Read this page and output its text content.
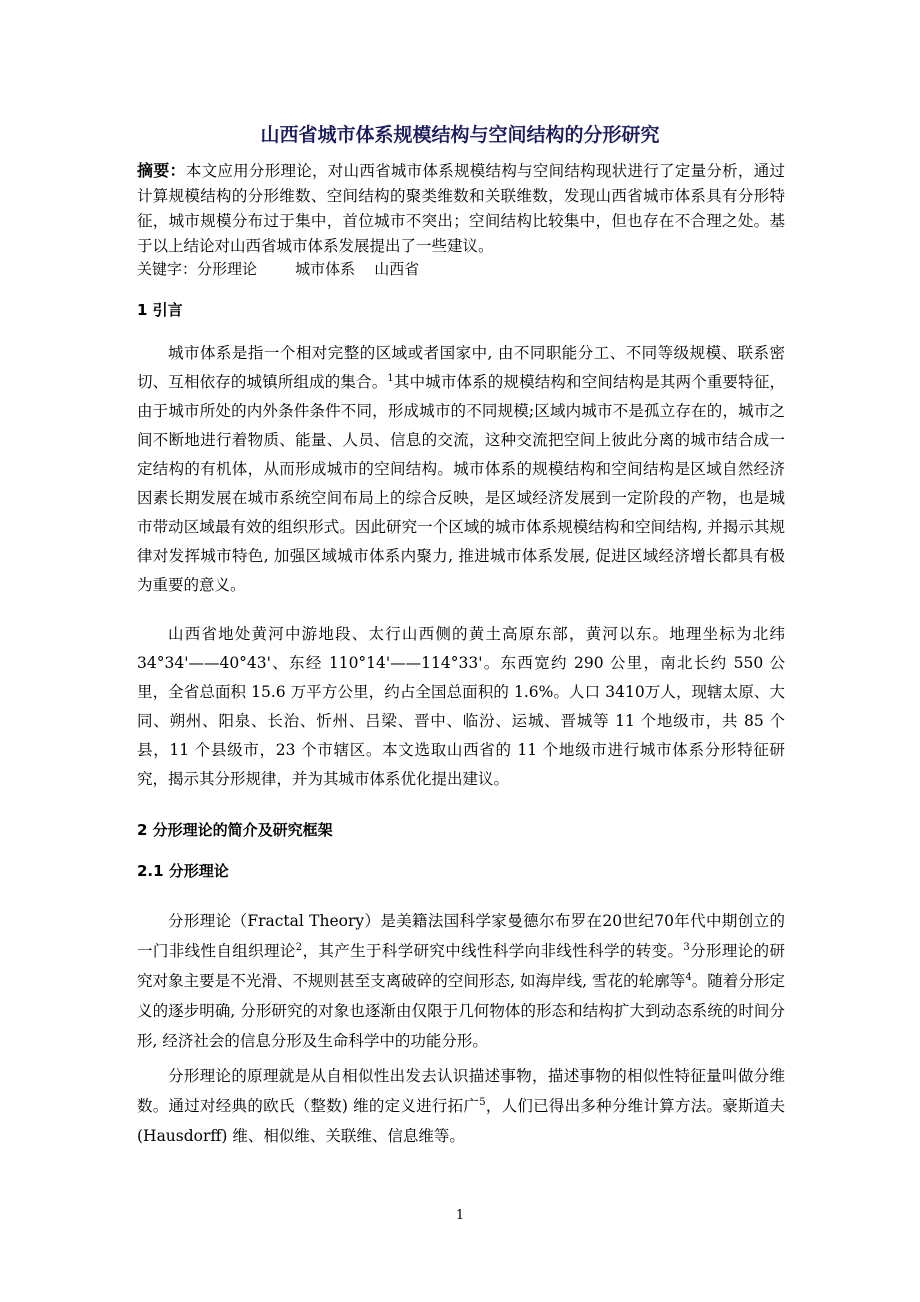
山西省城市体系规模结构与空间结构的分形研究
摘要：本文应用分形理论，对山西省城市体系规模结构与空间结构现状进行了定量分析，通过计算规模结构的分形维数、空间结构的聚类维数和关联维数，发现山西省城市体系具有分形特征，城市规模分布过于集中，首位城市不突出；空间结构比较集中，但也存在不合理之处。基于以上结论对山西省城市体系发展提出了一些建议。
关键字：分形理论        城市体系    山西省
1 引言
城市体系是指一个相对完整的区域或者国家中, 由不同职能分工、不同等级规模、联系密切、互相依存的城镇所组成的集合。$^1$其中城市体系的规模结构和空间结构是其两个重要特征，由于城市所处的内外条件条件不同，形成城市的不同规模;区域内城市不是孤立存在的，城市之间不断地进行着物质、能量、人员、信息的交流，这种交流把空间上彼此分离的城市结合成一定结构的有机体，从而形成城市的空间结构。城市体系的规模结构和空间结构是区域自然经济因素长期发展在城市系统空间布局上的综合反映，是区域经济发展到一定阶段的产物，也是城市带动区域最有效的组织形式。因此研究一个区域的城市体系规模结构和空间结构, 并揭示其规律对发挥城市特色, 加强区域城市体系内聚力, 推进城市体系发展, 促进区域经济增长都具有极为重要的意义。
山西省地处黄河中游地段、太行山西侧的黄土高原东部，黄河以东。地理坐标为北纬34°34'——40°43'、东经 110°14'——114°33'。东西宽约 290 公里，南北长约 550 公里，全省总面积 15.6 万平方公里，约占全国总面积的 1.6%。人口 3410万人，现辖太原、大同、朔州、阳泉、长治、忻州、吕梁、晋中、临汾、运城、晋城等 11 个地级市，共 85 个县，11 个县级市，23 个市辖区。本文选取山西省的 11 个地级市进行城市体系分形特征研究，揭示其分形规律，并为其城市体系优化提出建议。
2 分形理论的简介及研究框架
2.1 分形理论
分形理论（Fractal Theory）是美籍法国科学家曼德尔布罗在20世纪70年代中期创立的一门非线性自组织理论$^2$，其产生于科学研究中线性科学向非线性科学的转变。$^3$分形理论的研究对象主要是不光滑、不规则甚至支离破碎的空间形态, 如海岸线, 雪花的轮廓等$^4$。随着分形定义的逐步明确, 分形研究的对象也逐渐由仅限于几何物体的形态和结构扩大到动态系统的时间分形, 经济社会的信息分形及生命科学中的功能分形。
分形理论的原理就是从自相似性出发去认识描述事物，描述事物的相似性特征量叫做分维数。通过对经典的欧氏（整数) 维的定义进行拓广$^5$，人们已得出多种分维计算方法。豪斯道夫(Hausdorff) 维、相似维、关联维、信息维等。
1
